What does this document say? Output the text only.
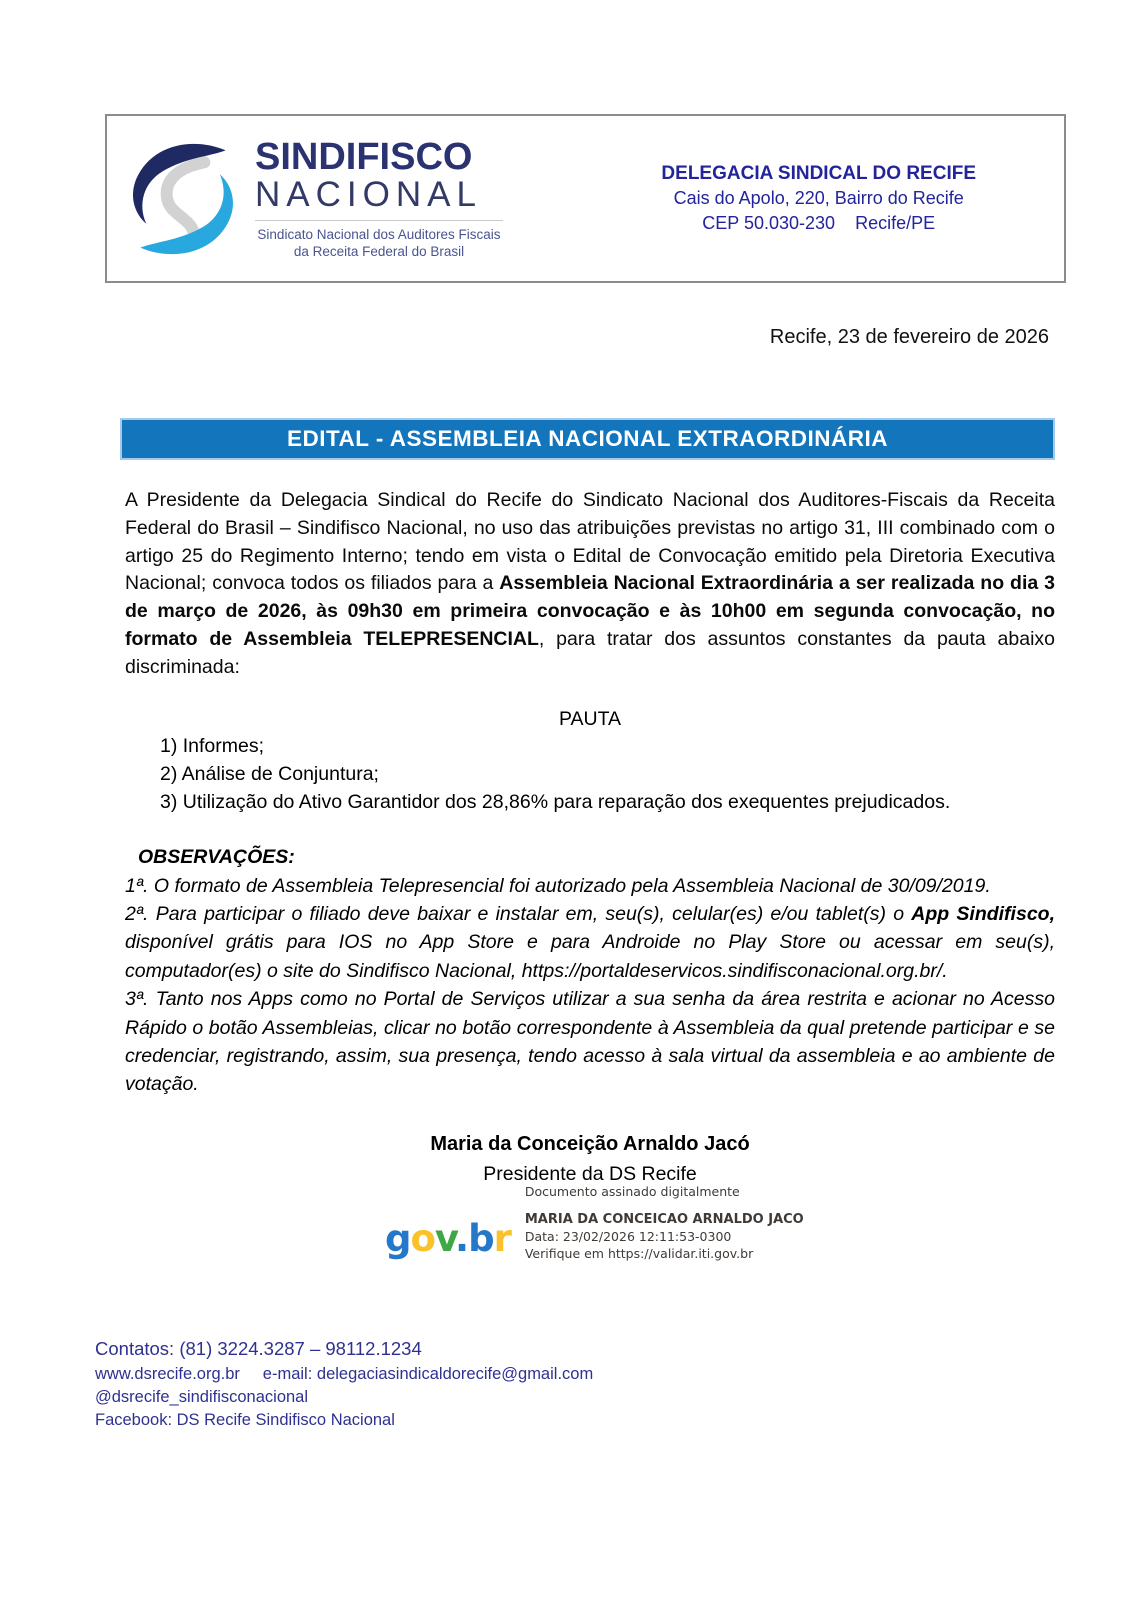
SINDIFISCO
NACIONAL
Sindicato Nacional dos Auditores Fiscais
da Receita Federal do Brasil
DELEGACIA SINDICAL DO RECIFE
Cais do Apolo, 220, Bairro do Recife
CEP 50.030-230    Recife/PE
Recife, 23 de fevereiro de 2026
EDITAL - ASSEMBLEIA NACIONAL EXTRAORDINÁRIA

A Presidente da Delegacia Sindical do Recife do Sindicato Nacional dos Auditores-Fiscais da Receita Federal do Brasil – Sindifisco Nacional, no uso das atribuições previstas no artigo 31, III combinado com o artigo 25 do Regimento Interno; tendo em vista o Edital de Convocação emitido pela Diretoria Executiva Nacional; convoca todos os filiados para a Assembleia Nacional Extraordinária a ser realizada no dia 3 de março de 2026, às 09h30 em primeira convocação e às 10h00 em segunda convocação, no formato de Assembleia TELEPRESENCIAL, para tratar dos assuntos constantes da pauta abaixo discriminada:

PAUTA
1) Informes;
2) Análise de Conjuntura;
3) Utilização do Ativo Garantidor dos 28,86% para reparação dos exequentes prejudicados.
OBSERVAÇÕES:

1ª. O formato de Assembleia Telepresencial foi autorizado pela Assembleia Nacional de 30/09/2019.

2ª. Para participar o filiado deve baixar e instalar em, seu(s), celular(es) e/ou tablet(s) o App Sindifisco, disponível grátis para IOS no App Store e para Androide no Play Store ou acessar em seu(s), computador(es) o site do Sindifisco Nacional, https://portaldeservicos.sindifisconacional.org.br/.

3ª. Tanto nos Apps como no Portal de Serviços utilizar a sua senha da área restrita e acionar no Acesso Rápido o botão Assembleias, clicar no botão correspondente à Assembleia da qual pretende participar e se credenciar, registrando, assim, sua presença, tendo acesso à sala virtual da assembleia e ao ambiente de votação.

Maria da Conceição Arnaldo Jacó
Presidente da DS Recife
gov.br
Documento assinado digitalmente
MARIA DA CONCEICAO ARNALDO JACO
Data: 23/02/2026 12:11:53-0300
Verifique em https://validar.iti.gov.br
Contatos: (81) 3224.3287 – 98112.1234
www.dsrecife.org.br     e-mail: delegaciasindicaldorecife@gmail.com
@dsrecife_sindifisconacional
Facebook: DS Recife Sindifisco Nacional
